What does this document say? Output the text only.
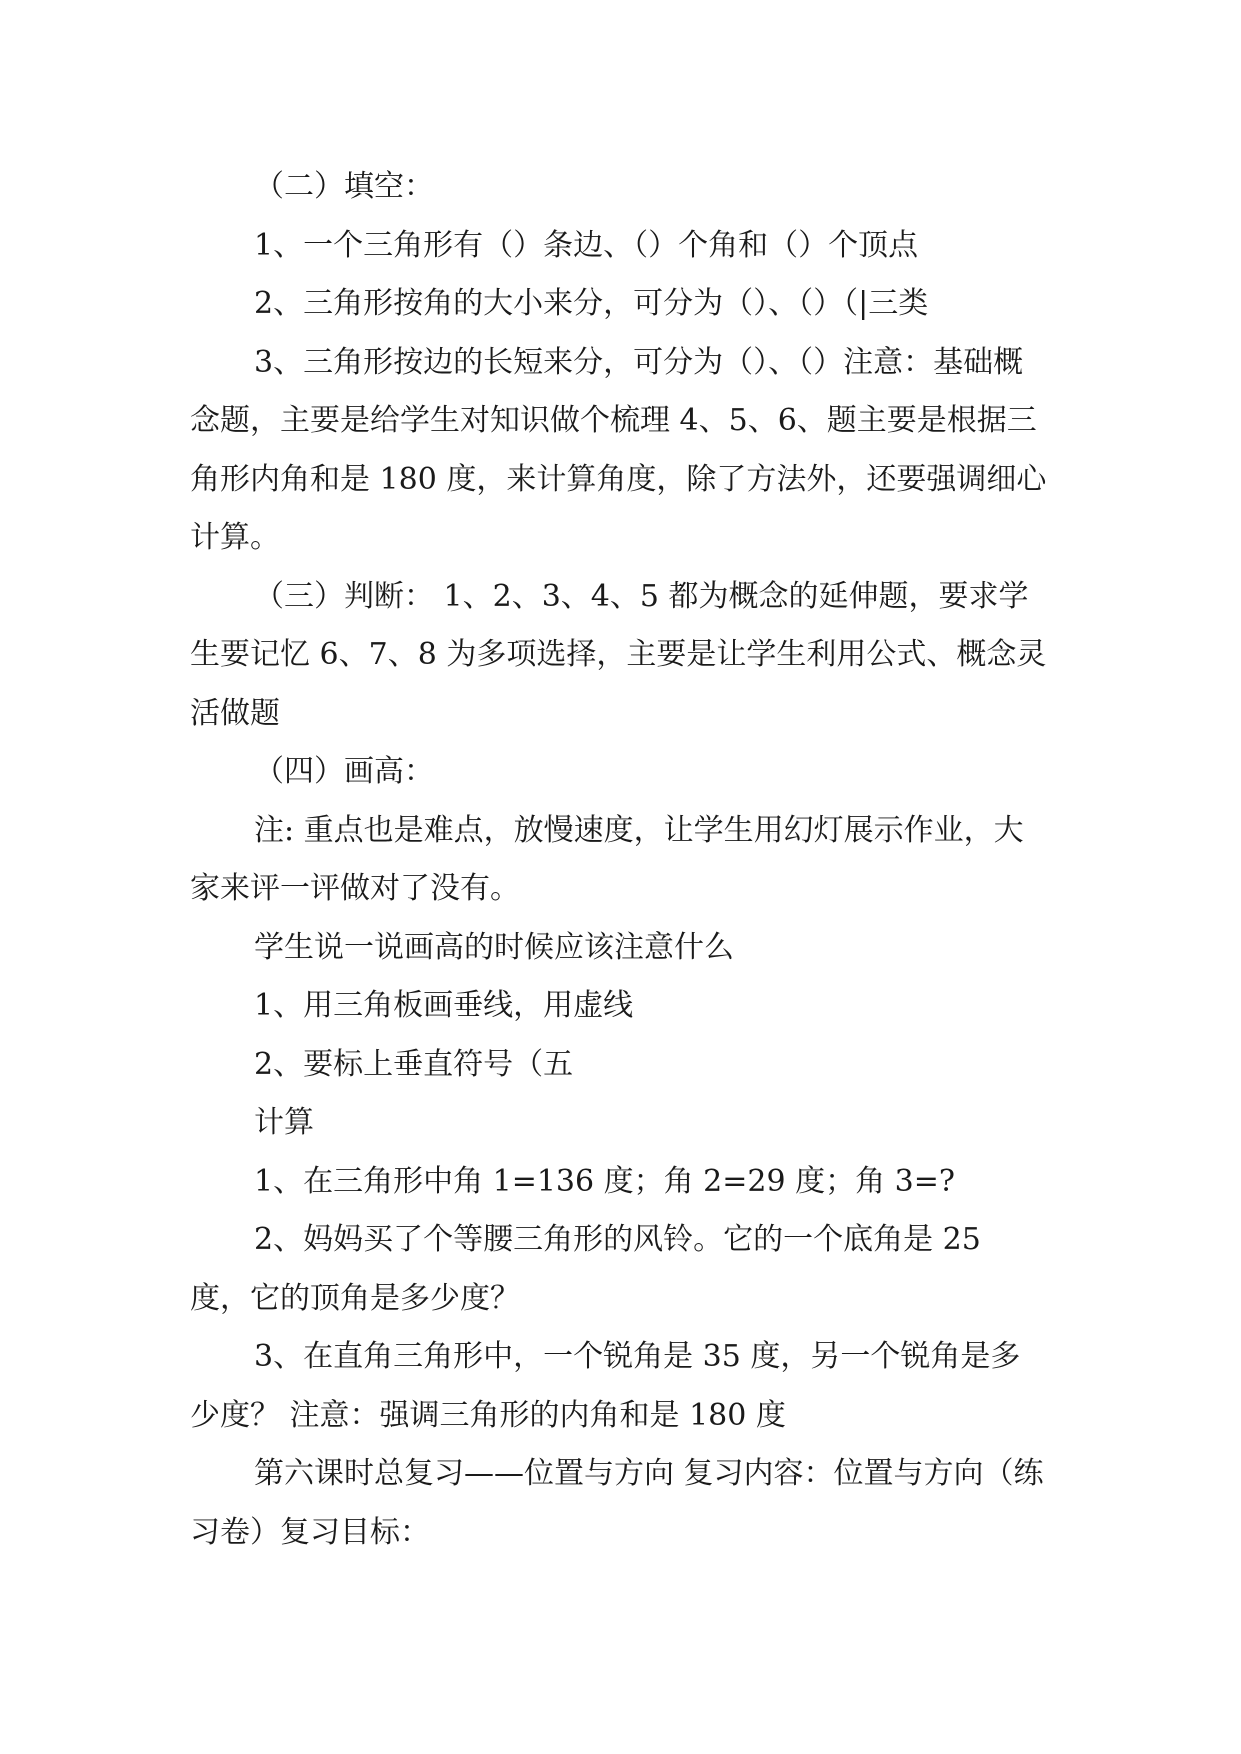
（二）填空：

1、一个三角形有（）条边、（）个角和（）个顶点

2、三角形按角的大小来分，可分为（）、（）（|三类

3、三角形按边的长短来分，可分为（）、（）注意：基础概念题，主要是给学生对知识做个梳理 4、5、6、题主要是根据三角形内角和是 180 度，来计算角度，除了方法外，还要强调细心计算。

（三）判断： 1、2、3、4、5 都为概念的延伸题，要求学生要记忆 6、7、8 为多项选择，主要是让学生利用公式、概念灵活做题

（四）画高：

注: 重点也是难点，放慢速度，让学生用幻灯展示作业，大家来评一评做对了没有。

学生说一说画高的时候应该注意什么

1、用三角板画垂线，用虚线

2、要标上垂直符号（五

计算

1、在三角形中角 1=136 度；角 2=29 度；角 3=?

2、妈妈买了个等腰三角形的风铃。它的一个底角是 25 度，它的顶角是多少度？

3、在直角三角形中，一个锐角是 35 度，另一个锐角是多少度？ 注意：强调三角形的内角和是 180 度

第六课时总复习——位置与方向 复习内容：位置与方向（练习卷）复习目标：
